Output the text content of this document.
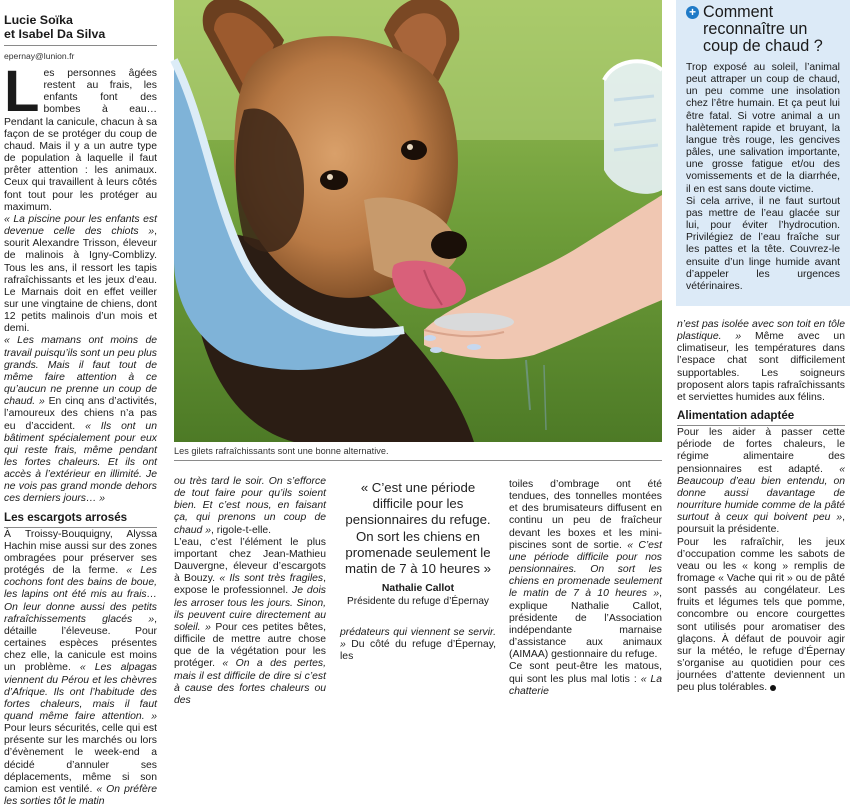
Lucie Soïka
et Isabel Da Silva
epernay@lunion.fr

Les personnes âgées restent au frais, les enfants font des bombes à eau… Pendant la canicule, chacun à sa façon de se protéger du coup de chaud. Mais il y a un autre type de population à laquelle il faut prêter attention : les animaux. Ceux qui travaillent à leurs côtés font tout pour les protéger au maximum.

« La piscine pour les enfants est devenue celle des chiots », sourit Alexandre Trisson, éleveur de malinois à Igny-Comblizy. Tous les ans, il ressort les tapis rafraîchissants et les jeux d’eau. Le Marnais doit en effet veiller sur une vingtaine de chiens, dont 12 petits malinois d’un mois et demi.

« Les mamans ont moins de travail puisqu’ils sont un peu plus grands. Mais il faut tout de même faire attention à ce qu’aucun ne prenne un coup de chaud. » En cinq ans d’activités, l’amoureux des chiens n’a pas eu d’accident. « Ils ont un bâtiment spécialement pour eux qui reste frais, même pendant les fortes chaleurs. Et ils ont accès à l’extérieur en illimité. Je ne vois pas grand monde dehors ces derniers jours… »

Les escargots arrosés

À Troissy-Bouquigny, Alyssa Hachin mise aussi sur des zones ombragées pour préserver ses protégés de la ferme. « Les cochons font des bains de boue, les lapins ont été mis au frais… On leur donne aussi des petits rafraîchissements glacés », détaille l’éleveuse. Pour certaines espèces présentes chez elle, la canicule est moins un problème. « Les alpagas viennent du Pérou et les chèvres d’Afrique. Ils ont l’habitude des fortes chaleurs, mais il faut quand même faire attention. » Pour leurs sécurités, celle qui est présente sur les marchés ou lors d’évènement le week-end a décidé d’annuler ses déplacements, même si son camion est ventilé. « On préfère les sorties tôt le matin

Les gilets rafraîchissants sont une bonne alternative.

ou très tard le soir. On s’efforce de tout faire pour qu’ils soient bien. Et c’est nous, en faisant ça, qui prenons un coup de chaud », rigole-t-elle.

L’eau, c’est l’élément le plus important chez Jean-Mathieu Dauvergne, éleveur d’escargots à Bouzy. « Ils sont très fragiles, expose le professionnel. Je dois les arroser tous les jours. Sinon, ils peuvent cuire directement au soleil. » Pour ces petites bêtes, difficile de mettre autre chose que de la végétation pour les protéger. « On a des pertes, mais il est difficile de dire si c’est à cause des fortes chaleurs ou des

« C’est une période difficile pour les pensionnaires du refuge. On sort les chiens en promenade seulement le matin de 7 à 10 heures »
Nathalie Callot
Présidente du refuge d’Épernay

prédateurs qui viennent se servir. » Du côté du refuge d’Épernay, les

toiles d’ombrage ont été tendues, des tonnelles montées et des brumisateurs diffusent en continu un peu de fraîcheur devant les boxes et les mini-piscines sont de sortie. « C’est une période difficile pour nos pensionnaires. On sort les chiens en promenade seulement le matin de 7 à 10 heures », explique Nathalie Callot, présidente de l’Association indépendante marnaise d’assistance aux animaux (AIMAA) gestionnaire du refuge.

Ce sont peut-être les matous, qui sont les plus mal lotis : « La chatterie

+ Comment reconnaître un coup de chaud ?

Trop exposé au soleil, l’animal peut attraper un coup de chaud, un peu comme une insolation chez l’être humain. Et ça peut lui être fatal. Si votre animal a un halètement rapide et bruyant, la langue très rouge, les gencives pâles, une salivation importante, une grosse fatigue et/ou des vomissements et de la diarrhée, il en est sans doute victime.

Si cela arrive, il ne faut surtout pas mettre de l’eau glacée sur lui, pour éviter l’hydrocution. Privilégiez de l’eau fraîche sur les pattes et la tête. Couvrez-le ensuite d’un linge humide avant d’appeler les urgences vétérinaires.

n’est pas isolée avec son toit en tôle plastique. » Même avec un climatiseur, les températures dans l’espace chat sont difficilement supportables. Les soigneurs proposent alors tapis rafraîchissants et serviettes humides aux félins.

Alimentation adaptée

Pour les aider à passer cette période de fortes chaleurs, le régime alimentaire des pensionnaires est adapté. « Beaucoup d’eau bien entendu, on donne aussi davantage de nourriture humide comme de la pâté surtout à ceux qui boivent peu », poursuit la présidente.

Pour les rafraîchir, les jeux d’occupation comme les sabots de veau ou les « kong » remplis de fromage « Vache qui rit » ou de pâté sont passés au congélateur. Les fruits et légumes tels que pomme, concombre ou encore courgettes sont utilisés pour aromatiser des glaçons. À défaut de pouvoir agir sur la météo, le refuge d’Épernay s’organise au quotidien pour ces journées d’attente deviennent un peu plus tolérables.
